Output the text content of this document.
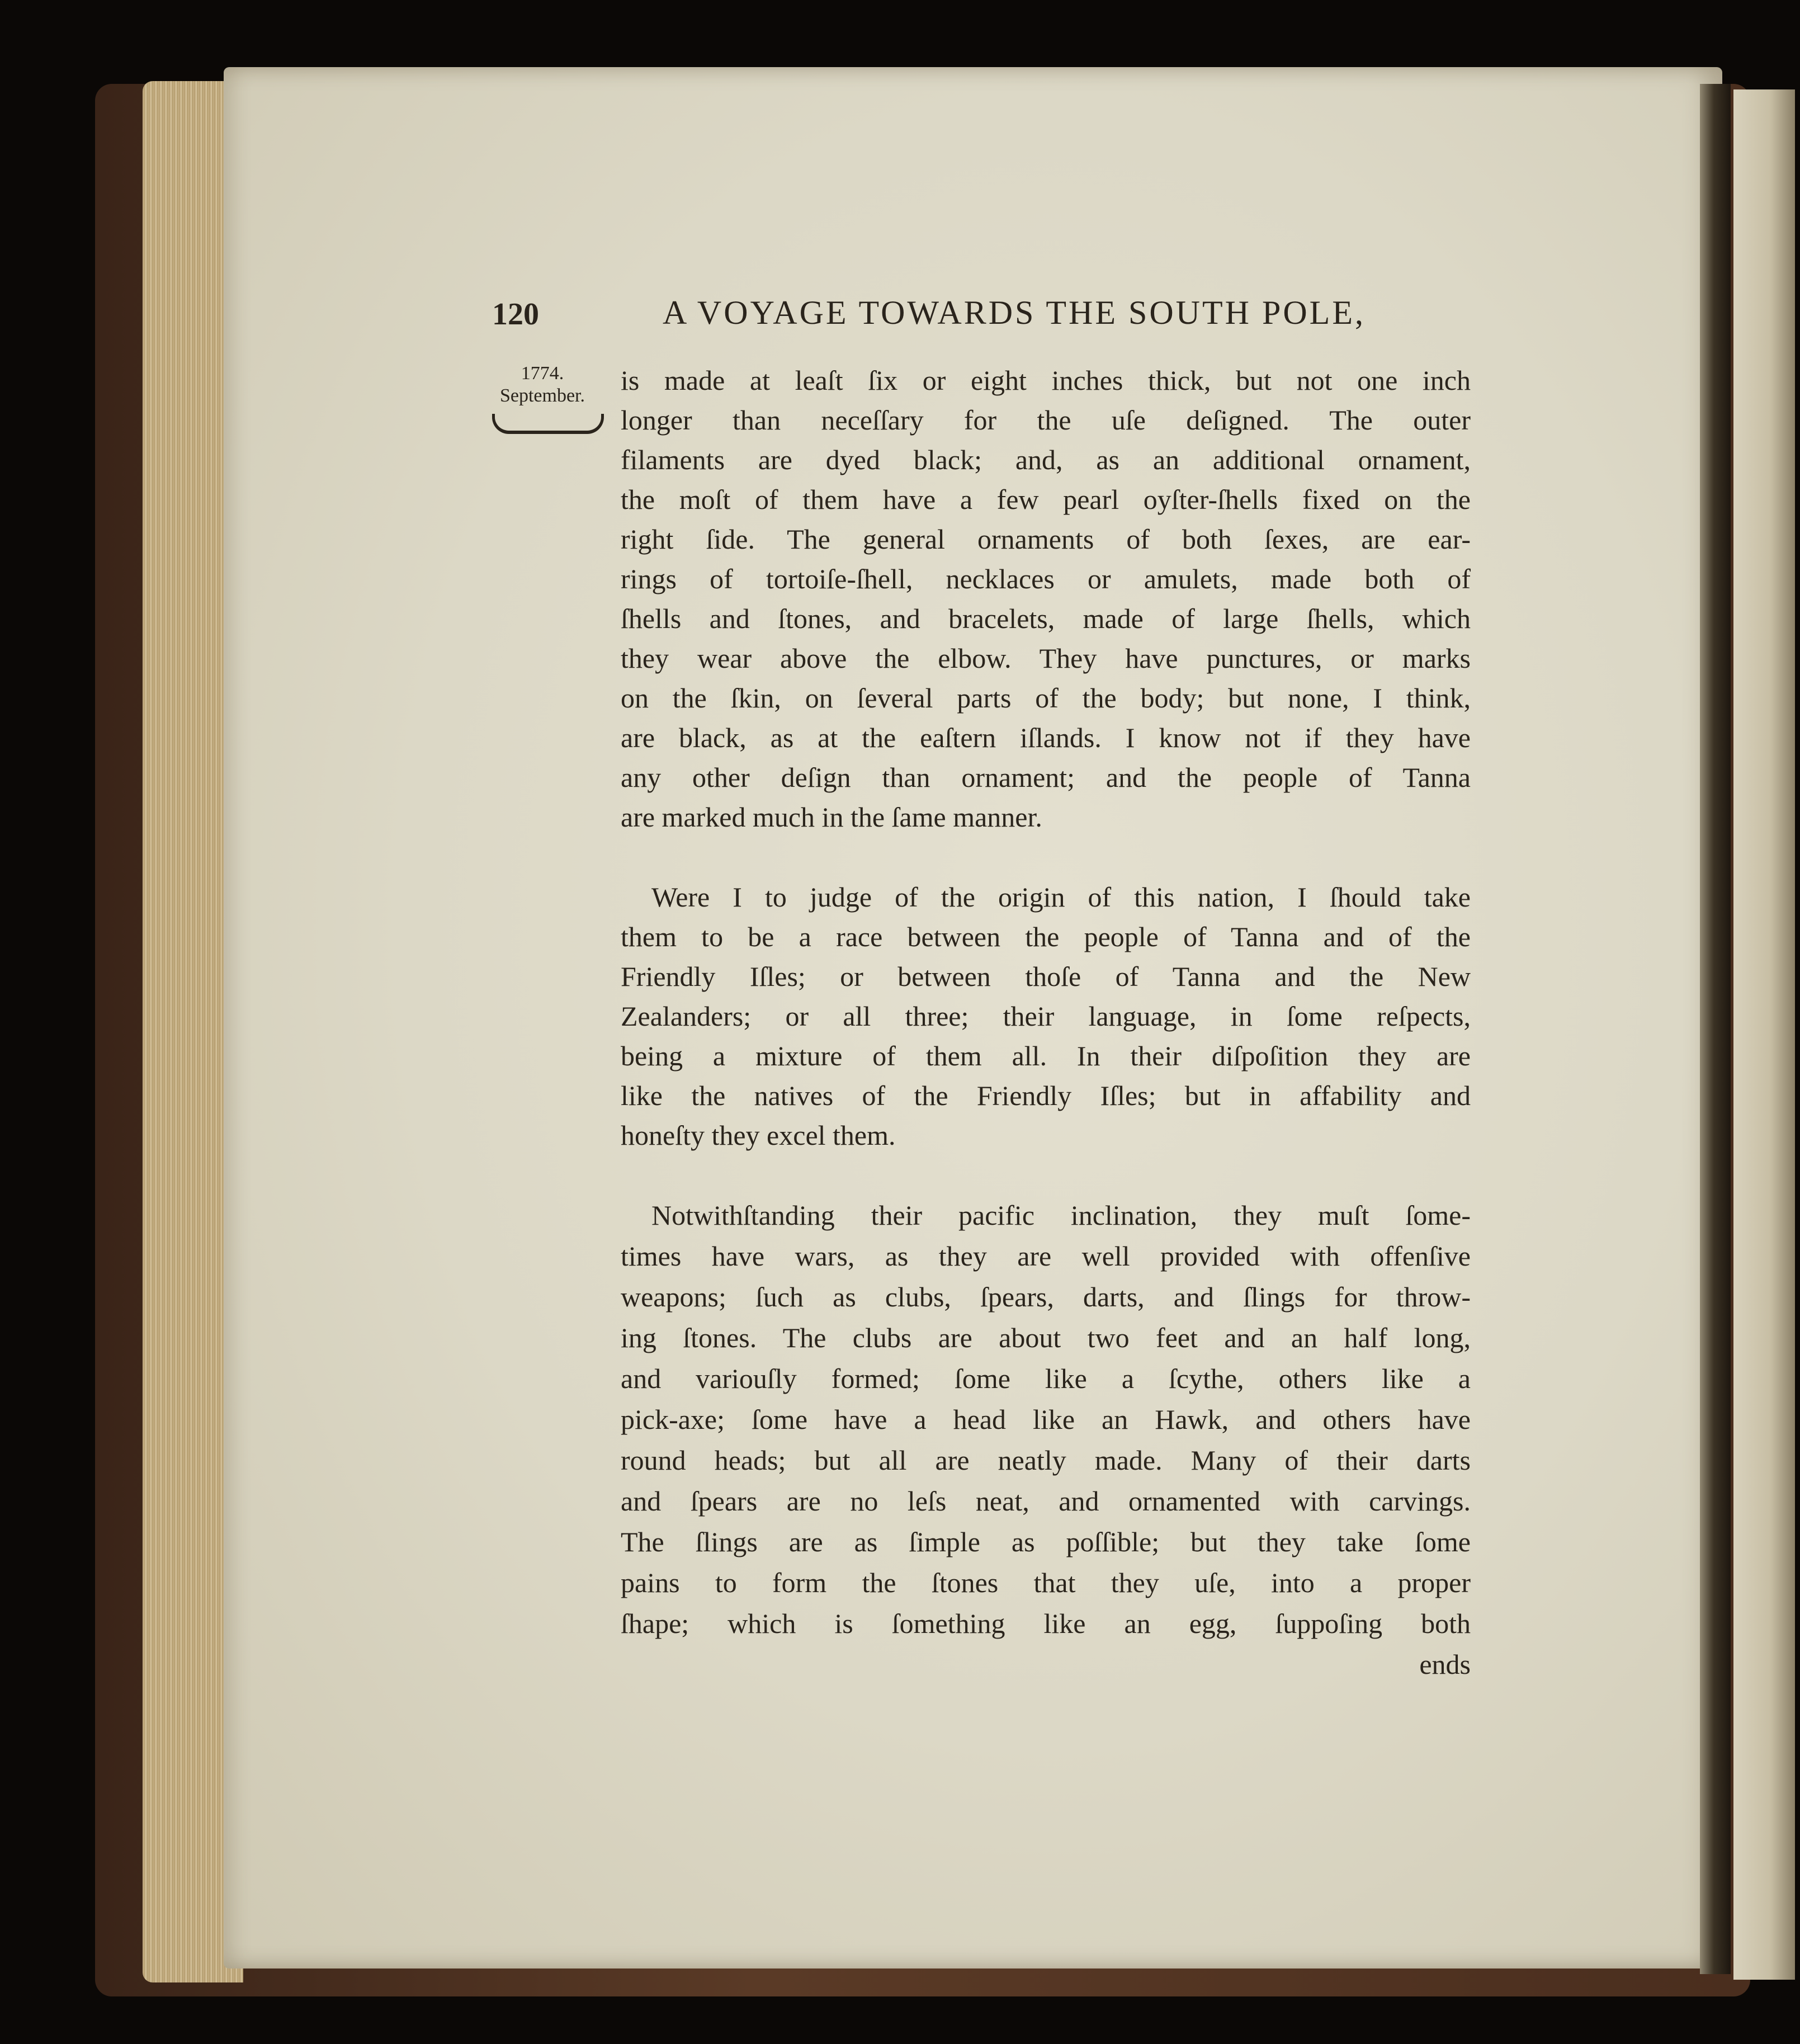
120	A VOYAGE TOWARDS THE SOUTH POLE,
1774.
September.	is made at leaſt ſix or eight inches thick, but not one inch
longer than neceſſary for the uſe deſigned. The outer
filaments are dyed black; and, as an additional ornament,
the moſt of them have a few pearl oyſter-ſhells fixed on the
right ſide. The general ornaments of both ſexes, are ear-
rings of tortoiſe-ſhell, necklaces or amulets, made both of
ſhells and ſtones, and bracelets, made of large ſhells, which
they wear above the elbow. They have punctures, or marks
on the ſkin, on ſeveral parts of the body; but none, I think,
are black, as at the eaſtern iſlands. I know not if they have
any other deſign than ornament; and the people of Tanna
are marked much in the ſame manner.
Were I to judge of the origin of this nation, I ſhould take
them to be a race between the people of Tanna and of the
Friendly Iſles; or between thoſe of Tanna and the New
Zealanders; or all three; their language, in ſome reſpects,
being a mixture of them all. In their diſpoſition they are
like the natives of the Friendly Iſles; but in affability and
honeſty they excel them.
Notwithſtanding their pacific inclination, they muſt ſome-
times have wars, as they are well provided with offenſive
weapons; ſuch as clubs, ſpears, darts, and ſlings for throw-
ing ſtones. The clubs are about two feet and an half long,
and variouſly formed; ſome like a ſcythe, others like a
pick-axe; ſome have a head like an Hawk, and others have
round heads; but all are neatly made. Many of their darts
and ſpears are no leſs neat, and ornamented with carvings.
The ſlings are as ſimple as poſſible; but they take ſome
pains to form the ſtones that they uſe, into a proper
ſhape; which is ſomething like an egg, ſuppoſing both
ends
